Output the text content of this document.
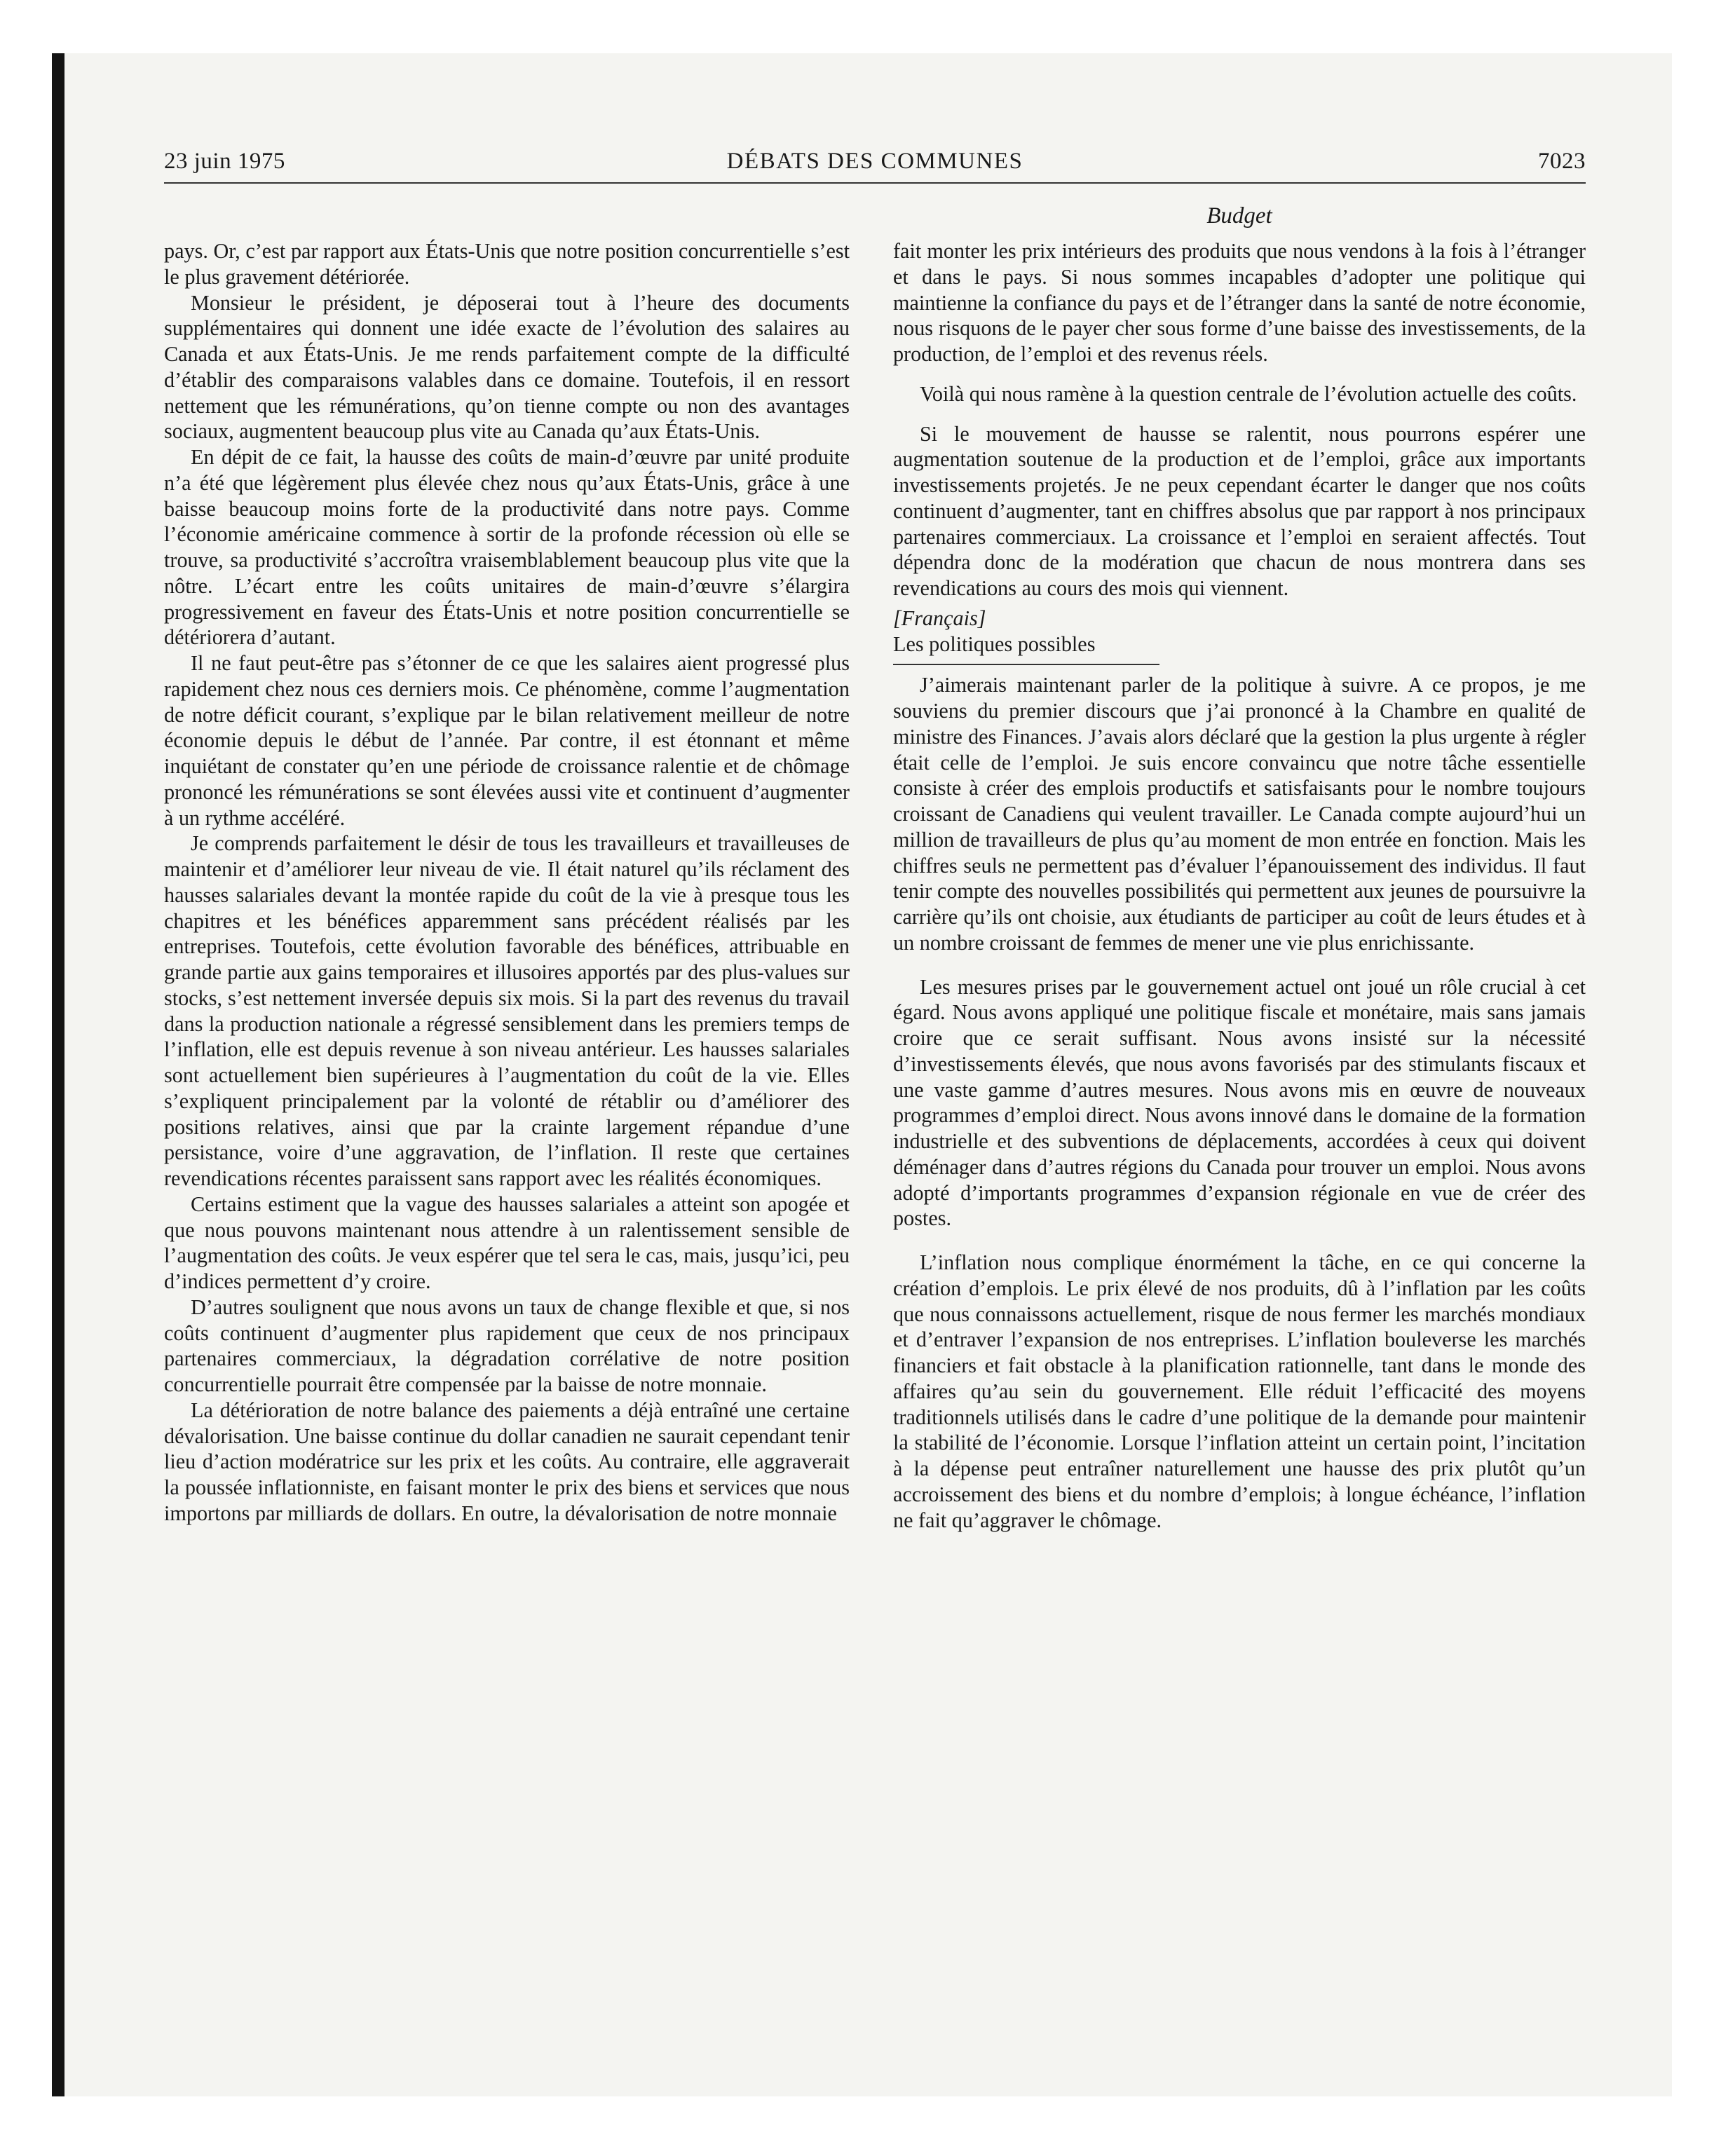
23 juin 1975	DÉBATS DES COMMUNES	7023
Budget

pays. Or, c’est par rapport aux États-Unis que notre position concurrentielle s’est le plus gravement détériorée.

Monsieur le président, je déposerai tout à l’heure des documents supplémentaires qui donnent une idée exacte de l’évolution des salaires au Canada et aux États-Unis. Je me rends parfaitement compte de la difficulté d’établir des comparaisons valables dans ce domaine. Toutefois, il en ressort nettement que les rémunérations, qu’on tienne compte ou non des avantages sociaux, augmentent beaucoup plus vite au Canada qu’aux États-Unis.

En dépit de ce fait, la hausse des coûts de main-d’œuvre par unité produite n’a été que légèrement plus élevée chez nous qu’aux États-Unis, grâce à une baisse beaucoup moins forte de la productivité dans notre pays. Comme l’économie américaine commence à sortir de la profonde récession où elle se trouve, sa productivité s’accroîtra vraisemblablement beaucoup plus vite que la nôtre. L’écart entre les coûts unitaires de main-d’œuvre s’élargira progressivement en faveur des États-Unis et notre position concurrentielle se détériorera d’autant.

Il ne faut peut-être pas s’étonner de ce que les salaires aient progressé plus rapidement chez nous ces derniers mois. Ce phénomène, comme l’augmentation de notre déficit courant, s’explique par le bilan relativement meilleur de notre économie depuis le début de l’année. Par contre, il est étonnant et même inquiétant de constater qu’en une période de croissance ralentie et de chômage prononcé les rémunérations se sont élevées aussi vite et continuent d’augmenter à un rythme accéléré.

Je comprends parfaitement le désir de tous les travailleurs et travailleuses de maintenir et d’améliorer leur niveau de vie. Il était naturel qu’ils réclament des hausses salariales devant la montée rapide du coût de la vie à presque tous les chapitres et les bénéfices apparemment sans précédent réalisés par les entreprises. Toutefois, cette évolution favorable des bénéfices, attribuable en grande partie aux gains temporaires et illusoires apportés par des plus-values sur stocks, s’est nettement inversée depuis six mois. Si la part des revenus du travail dans la production nationale a régressé sensiblement dans les premiers temps de l’inflation, elle est depuis revenue à son niveau antérieur. Les hausses salariales sont actuellement bien supérieures à l’augmentation du coût de la vie. Elles s’expliquent principalement par la volonté de rétablir ou d’améliorer des positions relatives, ainsi que par la crainte largement répandue d’une persistance, voire d’une aggravation, de l’inflation. Il reste que certaines revendications récentes paraissent sans rapport avec les réalités économiques.

Certains estiment que la vague des hausses salariales a atteint son apogée et que nous pouvons maintenant nous attendre à un ralentissement sensible de l’augmentation des coûts. Je veux espérer que tel sera le cas, mais, jusqu’ici, peu d’indices permettent d’y croire.

D’autres soulignent que nous avons un taux de change flexible et que, si nos coûts continuent d’augmenter plus rapidement que ceux de nos principaux partenaires commerciaux, la dégradation corrélative de notre position concurrentielle pourrait être compensée par la baisse de notre monnaie.

La détérioration de notre balance des paiements a déjà entraîné une certaine dévalorisation. Une baisse continue du dollar canadien ne saurait cependant tenir lieu d’action modératrice sur les prix et les coûts. Au contraire, elle aggraverait la poussée inflationniste, en faisant monter le prix des biens et services que nous importons par milliards de dollars. En outre, la dévalorisation de notre monnaie

fait monter les prix intérieurs des produits que nous vendons à la fois à l’étranger et dans le pays. Si nous sommes incapables d’adopter une politique qui maintienne la confiance du pays et de l’étranger dans la santé de notre économie, nous risquons de le payer cher sous forme d’une baisse des investissements, de la production, de l’emploi et des revenus réels.

Voilà qui nous ramène à la question centrale de l’évolution actuelle des coûts.

Si le mouvement de hausse se ralentit, nous pourrons espérer une augmentation soutenue de la production et de l’emploi, grâce aux importants investissements projetés. Je ne peux cependant écarter le danger que nos coûts continuent d’augmenter, tant en chiffres absolus que par rapport à nos principaux partenaires commerciaux. La croissance et l’emploi en seraient affectés. Tout dépendra donc de la modération que chacun de nous montrera dans ses revendications au cours des mois qui viennent.

[Français]
Les politiques possibles

J’aimerais maintenant parler de la politique à suivre. A ce propos, je me souviens du premier discours que j’ai prononcé à la Chambre en qualité de ministre des Finances. J’avais alors déclaré que la gestion la plus urgente à régler était celle de l’emploi. Je suis encore convaincu que notre tâche essentielle consiste à créer des emplois productifs et satisfaisants pour le nombre toujours croissant de Canadiens qui veulent travailler. Le Canada compte aujourd’hui un million de travailleurs de plus qu’au moment de mon entrée en fonction. Mais les chiffres seuls ne permettent pas d’évaluer l’épanouissement des individus. Il faut tenir compte des nouvelles possibilités qui permettent aux jeunes de poursuivre la carrière qu’ils ont choisie, aux étudiants de participer au coût de leurs études et à un nombre croissant de femmes de mener une vie plus enrichissante.

Les mesures prises par le gouvernement actuel ont joué un rôle crucial à cet égard. Nous avons appliqué une politique fiscale et monétaire, mais sans jamais croire que ce serait suffisant. Nous avons insisté sur la nécessité d’investissements élevés, que nous avons favorisés par des stimulants fiscaux et une vaste gamme d’autres mesures. Nous avons mis en œuvre de nouveaux programmes d’emploi direct. Nous avons innové dans le domaine de la formation industrielle et des subventions de déplacements, accordées à ceux qui doivent déménager dans d’autres régions du Canada pour trouver un emploi. Nous avons adopté d’importants programmes d’expansion régionale en vue de créer des postes.

L’inflation nous complique énormément la tâche, en ce qui concerne la création d’emplois. Le prix élevé de nos produits, dû à l’inflation par les coûts que nous connaissons actuellement, risque de nous fermer les marchés mondiaux et d’entraver l’expansion de nos entreprises. L’inflation bouleverse les marchés financiers et fait obstacle à la planification rationnelle, tant dans le monde des affaires qu’au sein du gouvernement. Elle réduit l’efficacité des moyens traditionnels utilisés dans le cadre d’une politique de la demande pour maintenir la stabilité de l’économie. Lorsque l’inflation atteint un certain point, l’incitation à la dépense peut entraîner naturellement une hausse des prix plutôt qu’un accroissement des biens et du nombre d’emplois; à longue échéance, l’inflation ne fait qu’aggraver le chômage.
